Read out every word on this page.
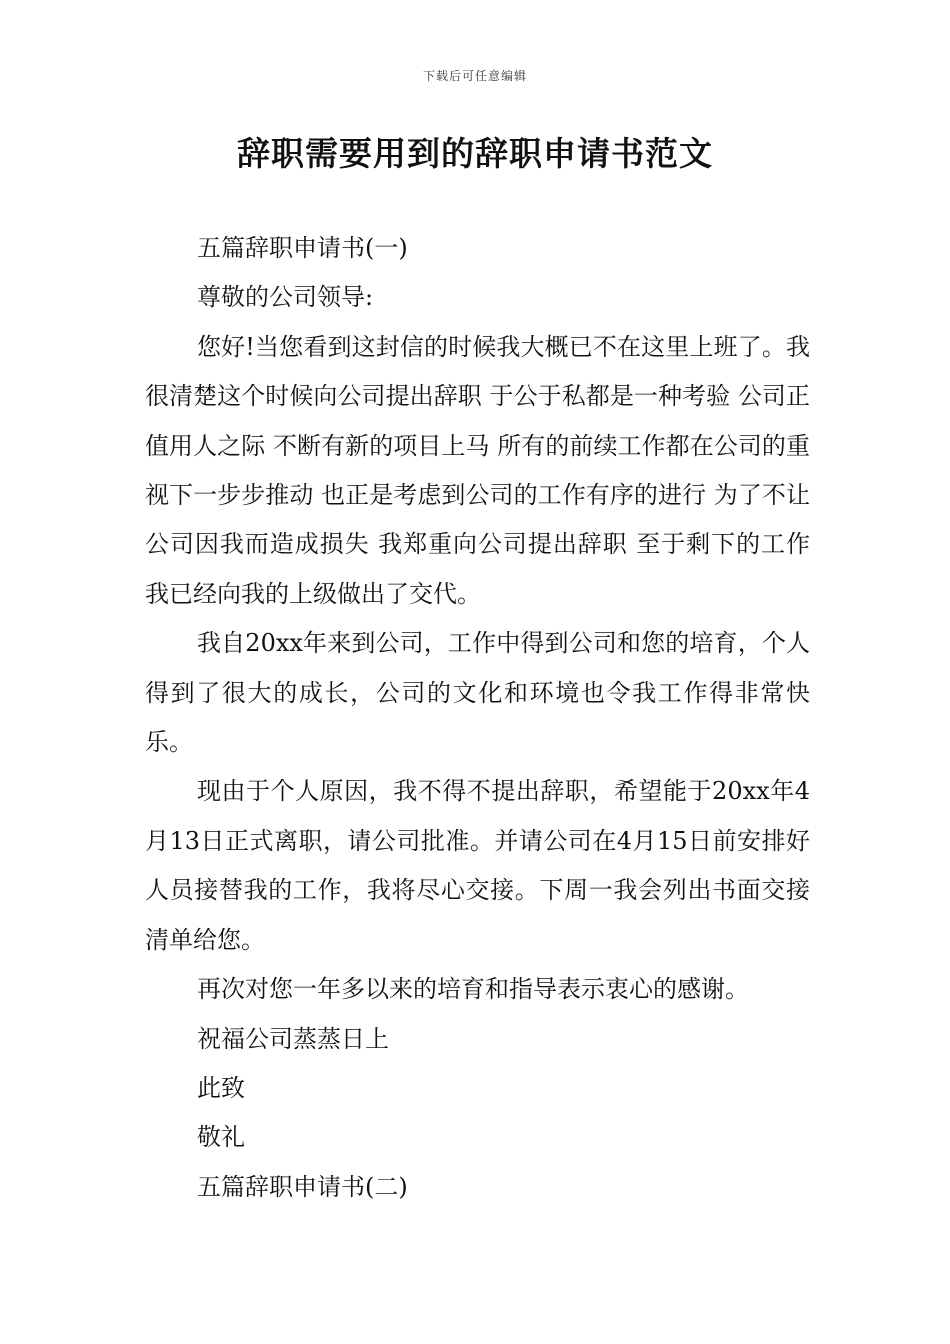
下载后可任意编辑
辞职需要用到的辞职申请书范文

五篇辞职申请书(一)

尊敬的公司领导:

您好!当您看到这封信的时候我大概已不在这里上班了。我很清楚这个时候向公司提出辞职 于公于私都是一种考验 公司正值用人之际 不断有新的项目上马 所有的前续工作都在公司的重视下一步步推动 也正是考虑到公司的工作有序的进行 为了不让公司因我而造成损失 我郑重向公司提出辞职 至于剩下的工作 我已经向我的上级做出了交代。

我自20xx年来到公司，工作中得到公司和您的培育，个人得到了很大的成长，公司的文化和环境也令我工作得非常快乐。

现由于个人原因，我不得不提出辞职，希望能于20xx年4月13日正式离职，请公司批准。并请公司在4月15日前安排好人员接替我的工作，我将尽心交接。下周一我会列出书面交接清单给您。

再次对您一年多以来的培育和指导表示衷心的感谢。

祝福公司蒸蒸日上

此致

敬礼

五篇辞职申请书(二)
